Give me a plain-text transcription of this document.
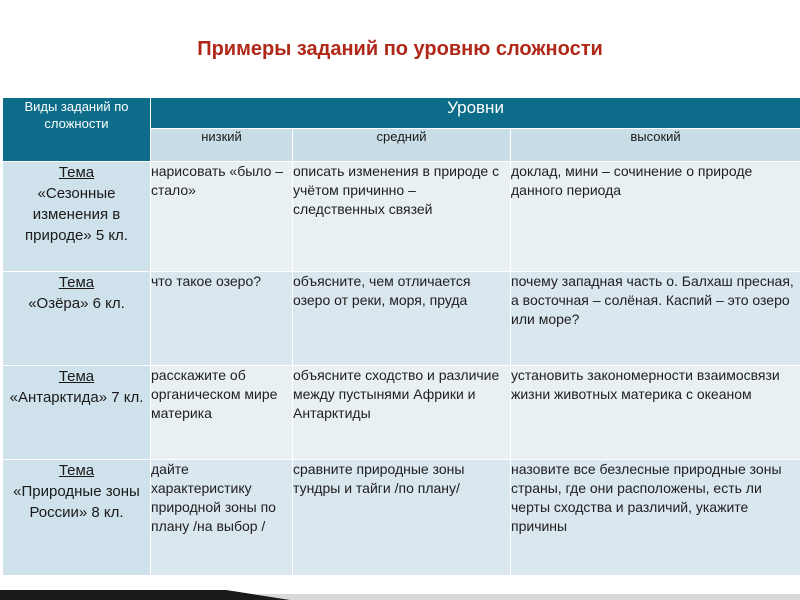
Примеры заданий по уровню сложности
Виды заданий по сложности	Уровни		
	низкий	средний	высокий

Тема
«Сезонные изменения в природе» 5 кл.	нарисовать «было – стало»	описать изменения в природе с учётом причинно – следственных связей	доклад, мини – сочинение о природе данного периода

Тема
«Озёра» 6 кл.	что такое озеро?	объясните, чем отличается озеро от реки, моря, пруда	почему западная часть о. Балхаш пресная, а восточная – солёная. Каспий – это озеро или море?

Тема
«Антарктида» 7 кл.	расскажите об органическом мире материка	объясните сходство и различие между пустынями Африки и Антарктиды	установить закономерности взаимосвязи жизни животных материка с океаном

Тема
«Природные зоны России» 8 кл.	дайте характеристику природной зоны по плану /на выбор /	сравните природные зоны тундры и тайги /по плану/	назовите все безлесные природные зоны страны, где они расположены, есть ли черты сходства и различий, укажите причины
